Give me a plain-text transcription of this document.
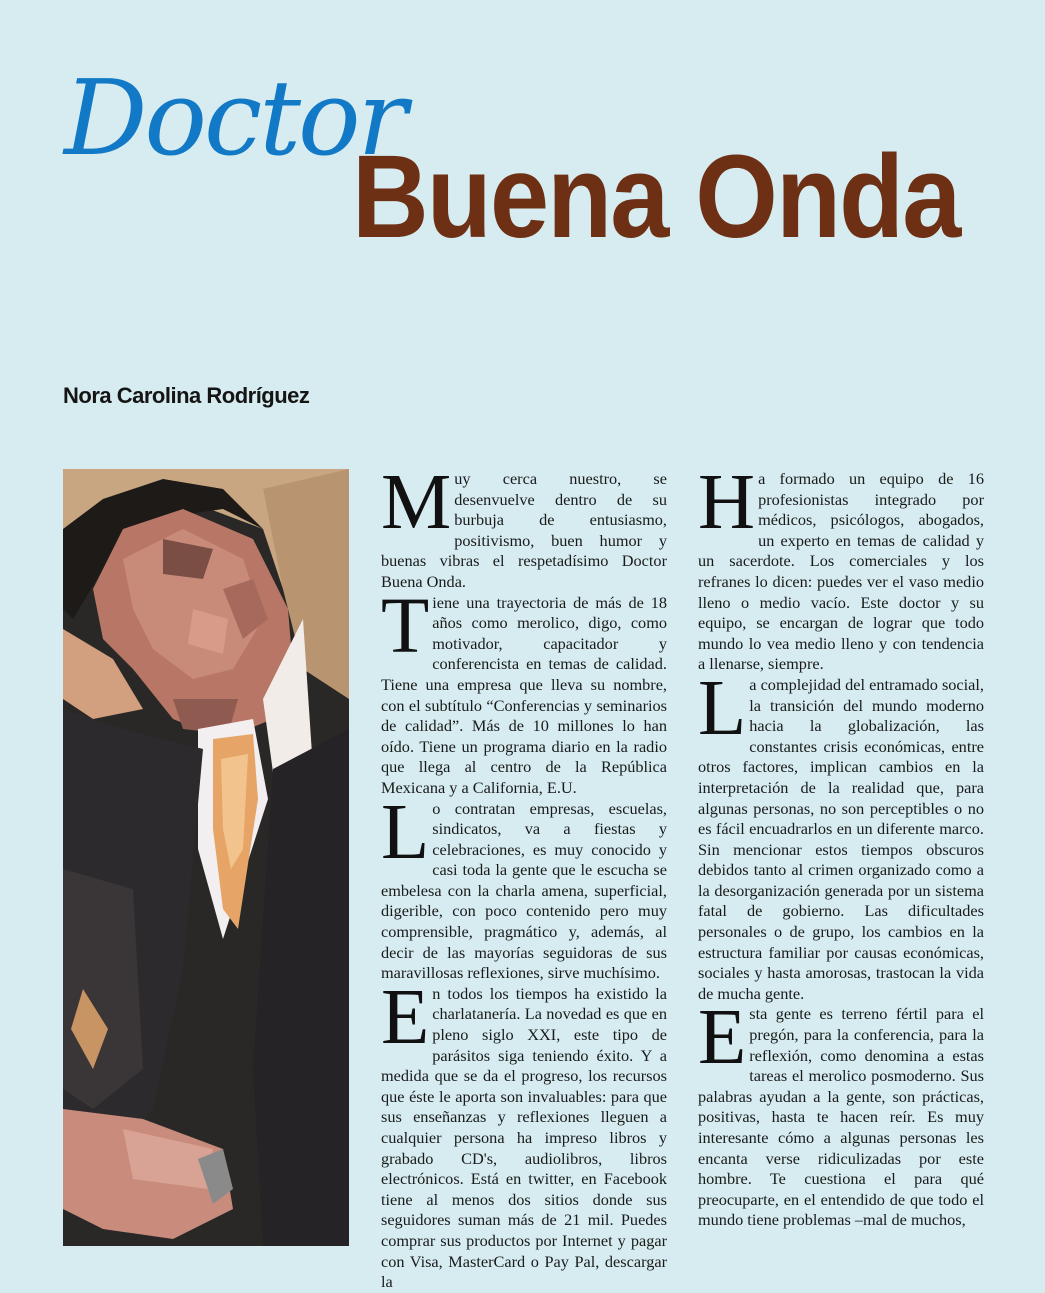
Doctor
Buena Onda
Nora Carolina Rodríguez

Muy cerca nuestro, se desenvuelve dentro de su burbuja de entusiasmo, positivismo, buen humor y buenas vibras el respetadísimo Doctor Buena Onda.

Tiene una trayectoria de más de 18 años como merolico, digo, como motivador, capacitador y conferencista en temas de calidad. Tiene una empresa que lleva su nombre, con el subtítulo “Conferencias y seminarios de calidad”. Más de 10 millones lo han oído. Tiene un programa diario en la radio que llega al centro de la República Mexicana y a California, E.U.

Lo contratan empresas, escuelas, sindicatos, va a fiestas y celebraciones, es muy conocido y casi toda la gente que le escucha se embelesa con la charla amena, superficial, digerible, con poco contenido pero muy comprensible, pragmático y, además, al decir de las mayorías seguidoras de sus maravillosas reflexiones, sirve muchísimo.

En todos los tiempos ha existido la charlatanería. La novedad es que en pleno siglo XXI, este tipo de parásitos siga teniendo éxito. Y a medida que se da el progreso, los recursos que éste le aporta son invaluables: para que sus enseñanzas y reflexiones lleguen a cualquier persona ha impreso libros y grabado CD's, audiolibros, libros electrónicos. Está en twitter, en Facebook tiene al menos dos sitios donde sus seguidores suman más de 21 mil. Puedes comprar sus productos por Internet y pagar con Visa, MasterCard o Pay Pal, descargar la

Ha formado un equipo de 16 profesionistas integrado por médicos, psicólogos, abogados, un experto en temas de calidad y un sacerdote. Los comerciales y los refranes lo dicen: puedes ver el vaso medio lleno o medio vacío. Este doctor y su equipo, se encargan de lograr que todo mundo lo vea medio lleno y con tendencia a llenarse, siempre.

La complejidad del entramado social, la transición del mundo moderno hacia la globalización, las constantes crisis económicas, entre otros factores, implican cambios en la interpretación de la realidad que, para algunas personas, no son perceptibles o no es fácil encuadrarlos en un diferente marco. Sin mencionar estos tiempos obscuros debidos tanto al crimen organizado como a la desorganización generada por un sistema fatal de gobierno. Las dificultades personales o de grupo, los cambios en la estructura familiar por causas económicas, sociales y hasta amorosas, trastocan la vida de mucha gente.

Esta gente es terreno fértil para el pregón, para la conferencia, para la reflexión, como denomina a estas tareas el merolico posmoderno. Sus palabras ayudan a la gente, son prácticas, positivas, hasta te hacen reír. Es muy interesante cómo a algunas personas les encanta verse ridiculizadas por este hombre. Te cuestiona el para qué preocuparte, en el entendido de que todo el mundo tiene problemas –mal de muchos,
